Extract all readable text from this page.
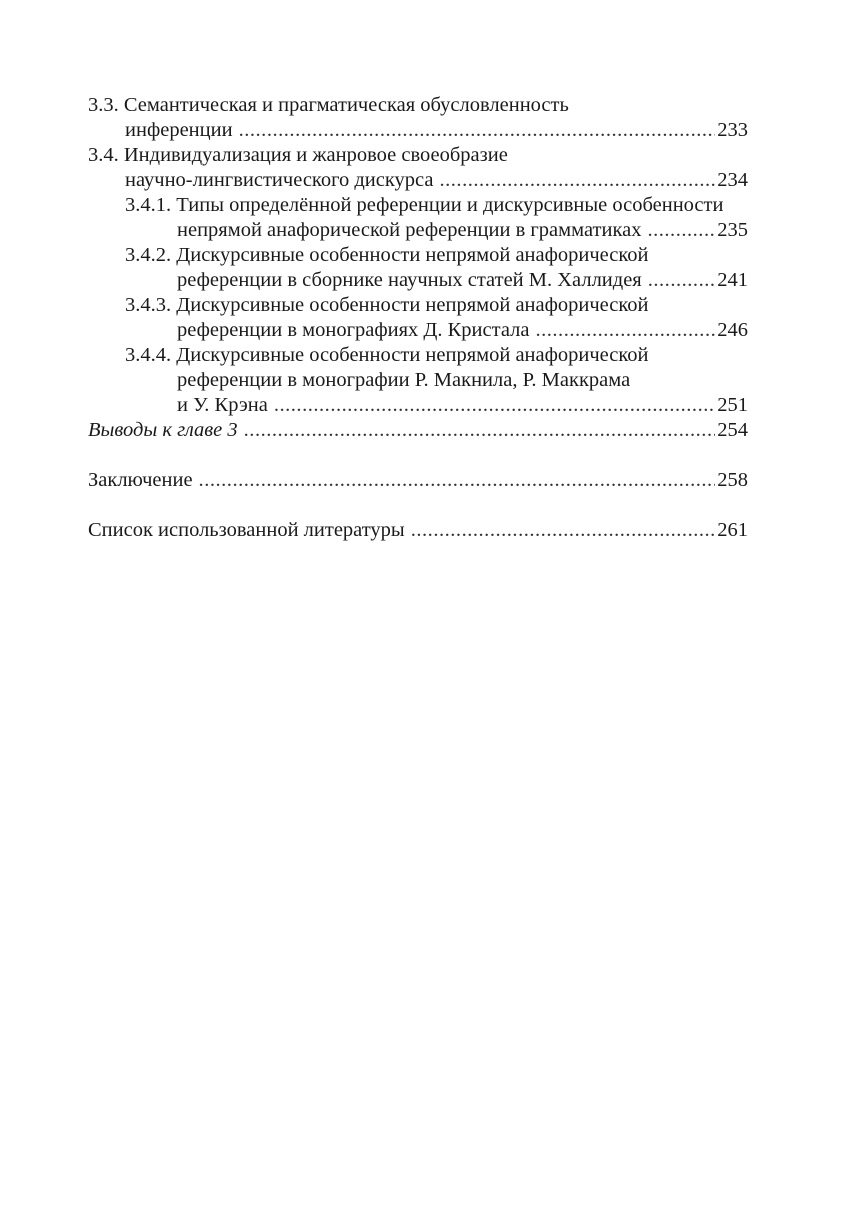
3.3. Семантическая и прагматическая обусловленность
инференции . . .	233
3.4. Индивидуализация и жанровое своеобразие
научно-лингвистического дискурса . . .	234
3.4.1. Типы определённой референции и дискурсивные особенности
непрямой анафорической референции в грамматиках . . .	235
3.4.2. Дискурсивные особенности непрямой анафорической
референции в сборнике научных статей М. Халлидея . . .	241
3.4.3. Дискурсивные особенности непрямой анафорической
референции в монографиях Д. Кристала . . .	246
3.4.4. Дискурсивные особенности непрямой анафорической
референции в монографии Р. Макнила, Р. Маккрама
и У. Крэна . . .	251
Выводы к главе 3 . . .	254
Заключение . . .	258
Список использованной литературы . . .	261
